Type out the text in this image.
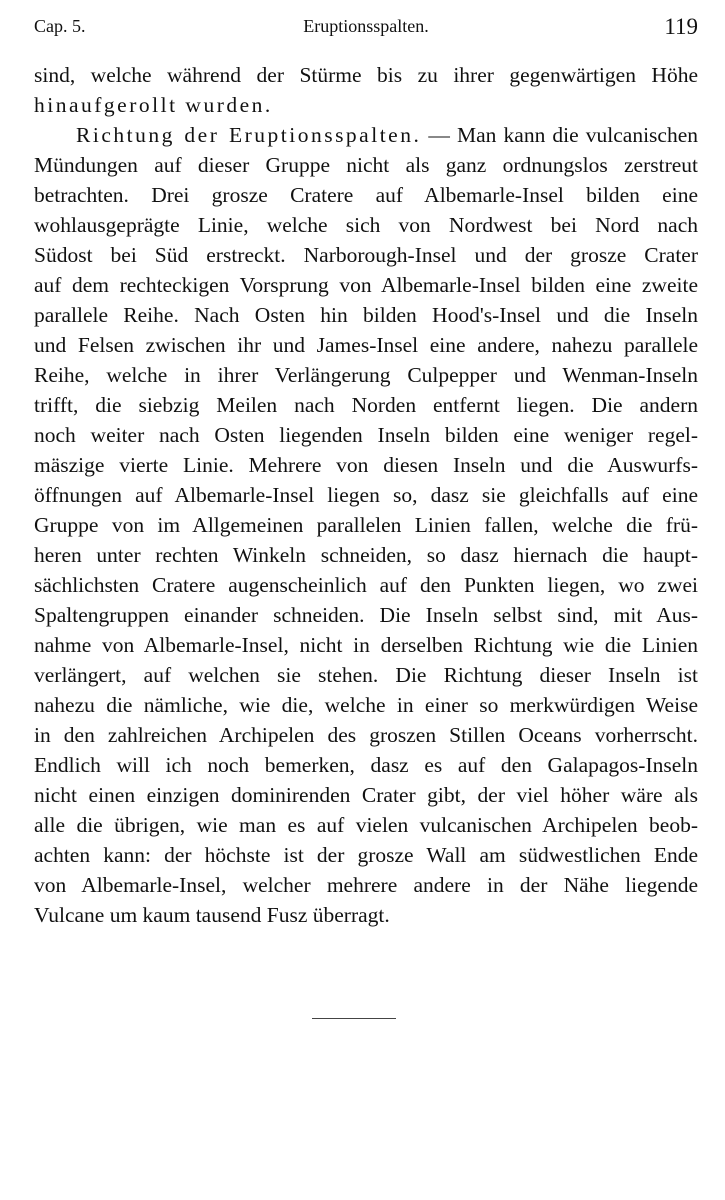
Cap. 5.	Eruptionsspalten.	119
sind, welche während der Stürme bis zu ihrer gegenwärtigen Höhe
hinaufgerollt wurden.
Richtung der Eruptionsspalten. — Man kann die vulcanischen
Mündungen auf dieser Gruppe nicht als ganz ordnungslos zerstreut
betrachten. Drei grosze Cratere auf Albemarle-Insel bilden eine
wohlausgeprägte Linie, welche sich von Nordwest bei Nord nach
Südost bei Süd erstreckt. Narborough-Insel und der grosze Crater
auf dem rechteckigen Vorsprung von Albemarle-Insel bilden eine zweite
parallele Reihe. Nach Osten hin bilden Hood's-Insel und die Inseln
und Felsen zwischen ihr und James-Insel eine andere, nahezu parallele
Reihe, welche in ihrer Verlängerung Culpepper und Wenman-Inseln
trifft, die siebzig Meilen nach Norden entfernt liegen. Die andern
noch weiter nach Osten liegenden Inseln bilden eine weniger regel-
mäszige vierte Linie. Mehrere von diesen Inseln und die Auswurfs-
öffnungen auf Albemarle-Insel liegen so, dasz sie gleichfalls auf eine
Gruppe von im Allgemeinen parallelen Linien fallen, welche die frü-
heren unter rechten Winkeln schneiden, so dasz hiernach die haupt-
sächlichsten Cratere augenscheinlich auf den Punkten liegen, wo zwei
Spaltengruppen einander schneiden. Die Inseln selbst sind, mit Aus-
nahme von Albemarle-Insel, nicht in derselben Richtung wie die Linien
verlängert, auf welchen sie stehen. Die Richtung dieser Inseln ist
nahezu die nämliche, wie die, welche in einer so merkwürdigen Weise
in den zahlreichen Archipelen des groszen Stillen Oceans vorherrscht.
Endlich will ich noch bemerken, dasz es auf den Galapagos-Inseln
nicht einen einzigen dominirenden Crater gibt, der viel höher wäre als
alle die übrigen, wie man es auf vielen vulcanischen Archipelen beob-
achten kann: der höchste ist der grosze Wall am südwestlichen Ende
von Albemarle-Insel, welcher mehrere andere in der Nähe liegende
Vulcane um kaum tausend Fusz überragt.
